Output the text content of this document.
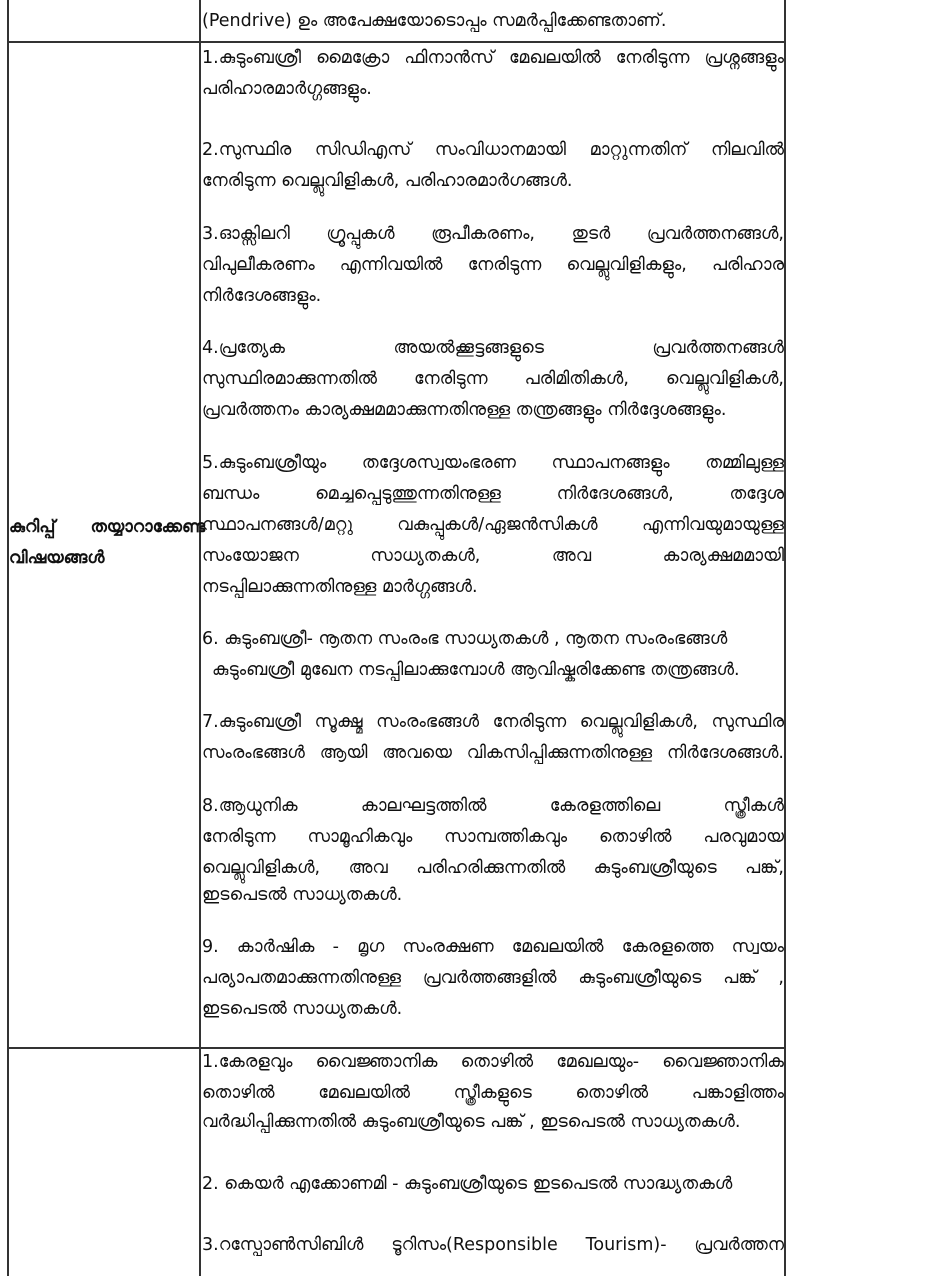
(Pendrive) ഉം അപേക്ഷയോടൊപ്പം സമർപ്പിക്കേണ്ടതാണ്.
കുറിപ്പ് തയ്യാറാക്കേണ്ട
വിഷയങ്ങൾ
1.കുടുംബശ്രീ മൈക്രോ ഫിനാൻസ് മേഖലയിൽ നേരിടുന്ന പ്രശ്നങ്ങളും
പരിഹാരമാർഗ്ഗങ്ങളും.
2.സുസ്ഥിര സിഡിഎസ് സംവിധാനമായി മാറ്റുന്നതിന് നിലവിൽ
നേരിടുന്ന വെല്ലുവിളികൾ, പരിഹാരമാർഗങ്ങൾ.
3.ഓക്സിലറി ഗ്രൂപ്പുകൾ രൂപീകരണം, തുടർ പ്രവർത്തനങ്ങൾ,
വിപുലീകരണം എന്നിവയിൽ നേരിടുന്ന വെല്ലുവിളികളും, പരിഹാര
നിർദേശങ്ങളും.
4.പ്രത്യേക അയൽക്കൂട്ടങ്ങളുടെ പ്രവർത്തനങ്ങൾ
സുസ്ഥിരമാക്കുന്നതിൽ നേരിടുന്ന പരിമിതികൾ, വെല്ലുവിളികൾ,
പ്രവർത്തനം കാര്യക്ഷമമാക്കുന്നതിനുള്ള തന്ത്രങ്ങളും നിർദ്ദേശങ്ങളും.
5.കുടുംബശ്രീയും തദ്ദേശസ്വയംഭരണ സ്ഥാപനങ്ങളും തമ്മിലുള്ള
ബന്ധം മെച്ചപ്പെടുത്തുന്നതിനുള്ള നിർദേശങ്ങൾ, തദ്ദേശ
സ്ഥാപനങ്ങൾ/മറ്റു വകുപ്പുകൾ/ഏജൻസികൾ എന്നിവയുമായുള്ള
സംയോജന സാധ്യതകൾ, അവ കാര്യക്ഷമമായി
നടപ്പിലാക്കുന്നതിനുള്ള മാർഗ്ഗങ്ങൾ.
6. കുടുംബശ്രീ- നൂതന സംരംഭ സാധ്യതകൾ , നൂതന സംരംഭങ്ങൾ
കുടുംബശ്രീ മുഖേന നടപ്പിലാക്കുമ്പോൾ ആവിഷ്കരിക്കേണ്ട തന്ത്രങ്ങൾ.
7.കുടുംബശ്രീ സൂക്ഷ്മ സംരംഭങ്ങൾ നേരിടുന്ന വെല്ലുവിളികൾ, സുസ്ഥിര
സംരംഭങ്ങൾ ആയി അവയെ വികസിപ്പിക്കുന്നതിനുള്ള നിർദേശങ്ങൾ.
8.ആധുനിക കാലഘട്ടത്തിൽ കേരളത്തിലെ സ്ത്രീകൾ
നേരിടുന്ന സാമൂഹികവും സാമ്പത്തികവും തൊഴിൽ പരവുമായ
വെല്ലുവിളികൾ, അവ പരിഹരിക്കുന്നതിൽ കുടുംബശ്രീയുടെ പങ്ക്,
ഇടപെടൽ സാധ്യതകൾ.
9. കാർഷിക - മൃഗ സംരക്ഷണ മേഖലയിൽ കേരളത്തെ സ്വയം
പര്യാപതമാക്കുന്നതിനുള്ള പ്രവർത്തങ്ങളിൽ കുടുംബശ്രീയുടെ പങ്ക് ,
ഇടപെടൽ സാധ്യതകൾ.
1.കേരളവും വൈജ്ഞാനിക തൊഴിൽ മേഖലയും- വൈജ്ഞാനിക
തൊഴിൽ മേഖലയിൽ സ്ത്രീകളുടെ തൊഴിൽ പങ്കാളിത്തം
വർദ്ധിപ്പിക്കുന്നതിൽ കുടുംബശ്രീയുടെ പങ്ക് , ഇടപെടൽ സാധ്യതകൾ.
2. കെയർ എക്കോണമി - കുടുംബശ്രീയുടെ ഇടപെടൽ സാദ്ധ്യതകൾ
3.റസ്പോൺസിബിൾ ടൂറിസം(Responsible Tourism)- പ്രവർത്തന
